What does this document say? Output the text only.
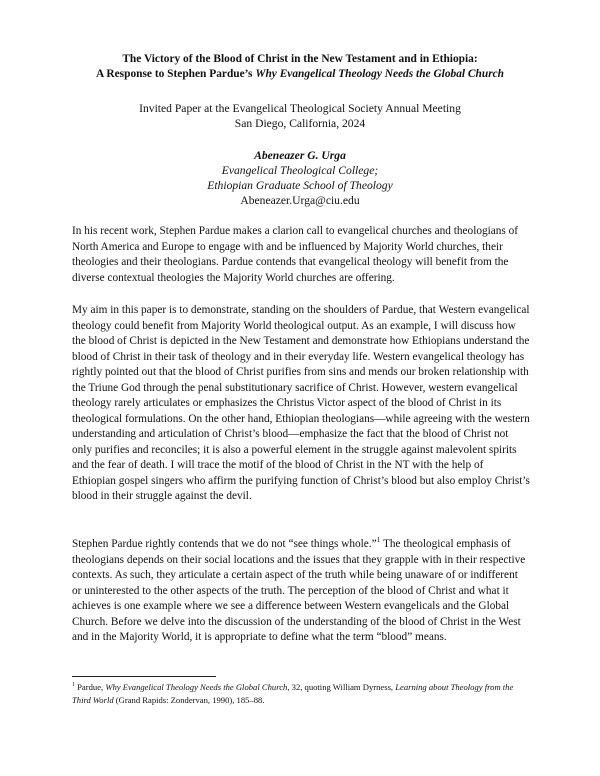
The Victory of the Blood of Christ in the New Testament and in Ethiopia:
A Response to Stephen Pardue’s Why Evangelical Theology Needs the Global Church
Invited Paper at the Evangelical Theological Society Annual Meeting
San Diego, California, 2024
Abeneazer G. Urga
Evangelical Theological College;
Ethiopian Graduate School of Theology
Abeneazer.Urga@ciu.edu

In his recent work, Stephen Pardue makes a clarion call to evangelical churches and theologians of North America and Europe to engage with and be influenced by Majority World churches, their theologies and their theologians. Pardue contends that evangelical theology will benefit from the diverse contextual theologies the Majority World churches are offering.

My aim in this paper is to demonstrate, standing on the shoulders of Pardue, that Western evangelical theology could benefit from Majority World theological output. As an example, I will discuss how the blood of Christ is depicted in the New Testament and demonstrate how Ethiopians understand the blood of Christ in their task of theology and in their everyday life. Western evangelical theology has rightly pointed out that the blood of Christ purifies from sins and mends our broken relationship with the Triune God through the penal substitutionary sacrifice of Christ. However, western evangelical theology rarely articulates or emphasizes the Christus Victor aspect of the blood of Christ in its theological formulations. On the other hand, Ethiopian theologians—while agreeing with the western understanding and articulation of Christ’s blood—emphasize the fact that the blood of Christ not only purifies and reconciles; it is also a powerful element in the struggle against malevolent spirits and the fear of death. I will trace the motif of the blood of Christ in the NT with the help of Ethiopian gospel singers who affirm the purifying function of Christ’s blood but also employ Christ’s blood in their struggle against the devil.

Stephen Pardue rightly contends that we do not “see things whole.”$^1$ The theological emphasis of theologians depends on their social locations and the issues that they grapple with in their respective contexts. As such, they articulate a certain aspect of the truth while being unaware of or indifferent or uninterested to the other aspects of the truth. The perception of the blood of Christ and what it achieves is one example where we see a difference between Western evangelicals and the Global Church. Before we delve into the discussion of the understanding of the blood of Christ in the West and in the Majority World, it is appropriate to define what the term “blood” means.

$^1$ Pardue, Why Evangelical Theology Needs the Global Church, 32, quoting William Dyrness, Learning about Theology from the Third World (Grand Rapids: Zondervan, 1990), 185–88.
